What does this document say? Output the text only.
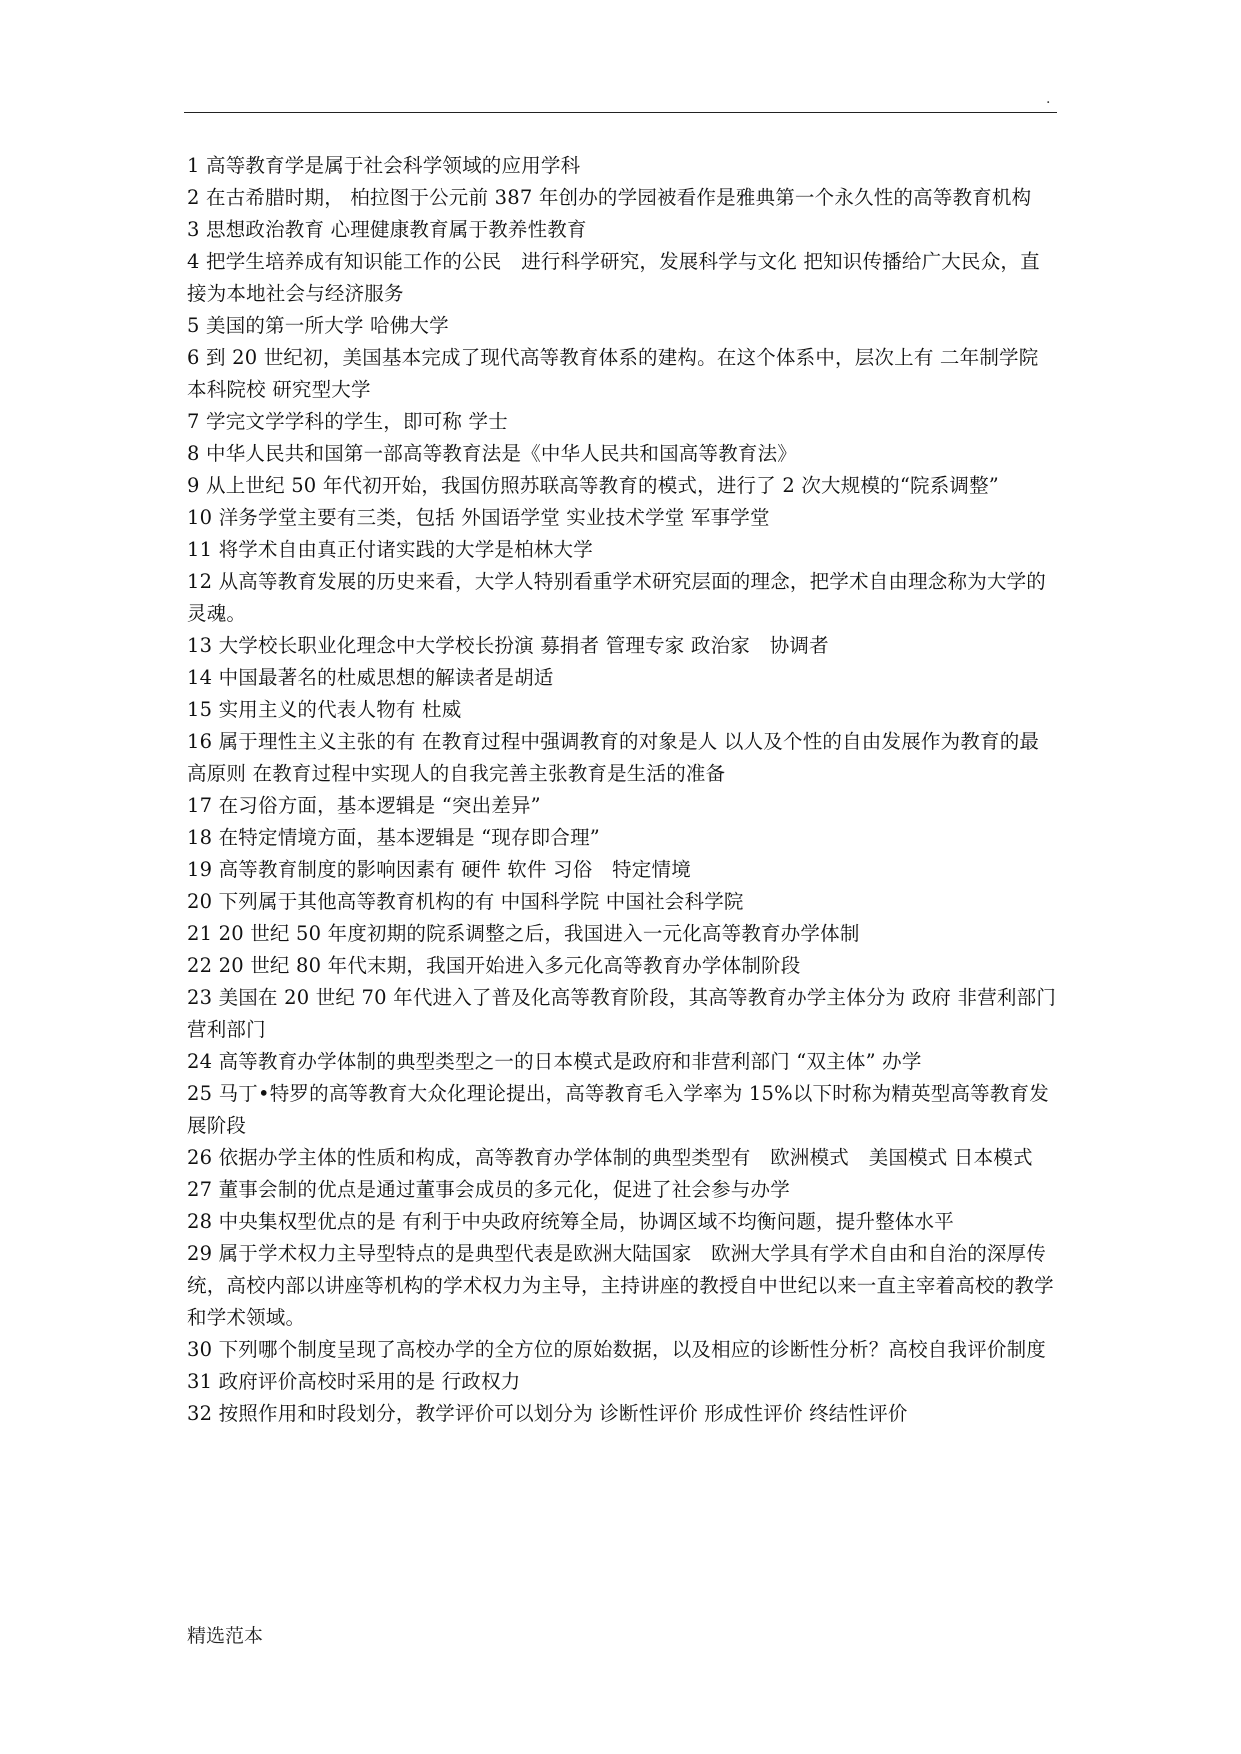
.

1 高等教育学是属于社会科学领域的应用学科

2 在古希腊时期， 柏拉图于公元前 387 年创办的学园被看作是雅典第一个永久性的高等教育机构

3 思想政治教育 心理健康教育属于教养性教育

4 把学生培养成有知识能工作的公民　进行科学研究，发展科学与文化 把知识传播给广大民众，直接为本地社会与经济服务

5 美国的第一所大学 哈佛大学

6 到 20 世纪初，美国基本完成了现代高等教育体系的建构。在这个体系中，层次上有 二年制学院 本科院校 研究型大学

7 学完文学学科的学生，即可称 学士

8 中华人民共和国第一部高等教育法是《中华人民共和国高等教育法》

9 从上世纪 50 年代初开始，我国仿照苏联高等教育的模式，进行了 2 次大规模的“院系调整”

10 洋务学堂主要有三类，包括 外国语学堂 实业技术学堂 军事学堂

11 将学术自由真正付诸实践的大学是柏林大学

12 从高等教育发展的历史来看，大学人特别看重学术研究层面的理念，把学术自由理念称为大学的灵魂。

13 大学校长职业化理念中大学校长扮演 募捐者 管理专家 政治家　协调者

14 中国最著名的杜威思想的解读者是胡适

15 实用主义的代表人物有 杜威

16 属于理性主义主张的有 在教育过程中强调教育的对象是人 以人及个性的自由发展作为教育的最高原则 在教育过程中实现人的自我完善主张教育是生活的准备

17 在习俗方面，基本逻辑是 “突出差异”

18 在特定情境方面，基本逻辑是 “现存即合理”

19 高等教育制度的影响因素有 硬件 软件 习俗　特定情境

20 下列属于其他高等教育机构的有 中国科学院 中国社会科学院

21 20 世纪 50 年度初期的院系调整之后，我国进入一元化高等教育办学体制

22 20 世纪 80 年代末期，我国开始进入多元化高等教育办学体制阶段

23 美国在 20 世纪 70 年代进入了普及化高等教育阶段，其高等教育办学主体分为 政府 非营利部门 营利部门

24 高等教育办学体制的典型类型之一的日本模式是政府和非营利部门 “双主体” 办学

25 马丁•特罗的高等教育大众化理论提出，高等教育毛入学率为 15%以下时称为精英型高等教育发展阶段

26 依据办学主体的性质和构成，高等教育办学体制的典型类型有　欧洲模式　美国模式 日本模式

27 董事会制的优点是通过董事会成员的多元化，促进了社会参与办学

28 中央集权型优点的是 有利于中央政府统筹全局，协调区域不均衡问题，提升整体水平

29 属于学术权力主导型特点的是典型代表是欧洲大陆国家　欧洲大学具有学术自由和自治的深厚传统，高校内部以讲座等机构的学术权力为主导，主持讲座的教授自中世纪以来一直主宰着高校的教学和学术领域。

30 下列哪个制度呈现了高校办学的全方位的原始数据，以及相应的诊断性分析？高校自我评价制度

31 政府评价高校时采用的是 行政权力

32 按照作用和时段划分，教学评价可以划分为 诊断性评价 形成性评价 终结性评价

精选范本
